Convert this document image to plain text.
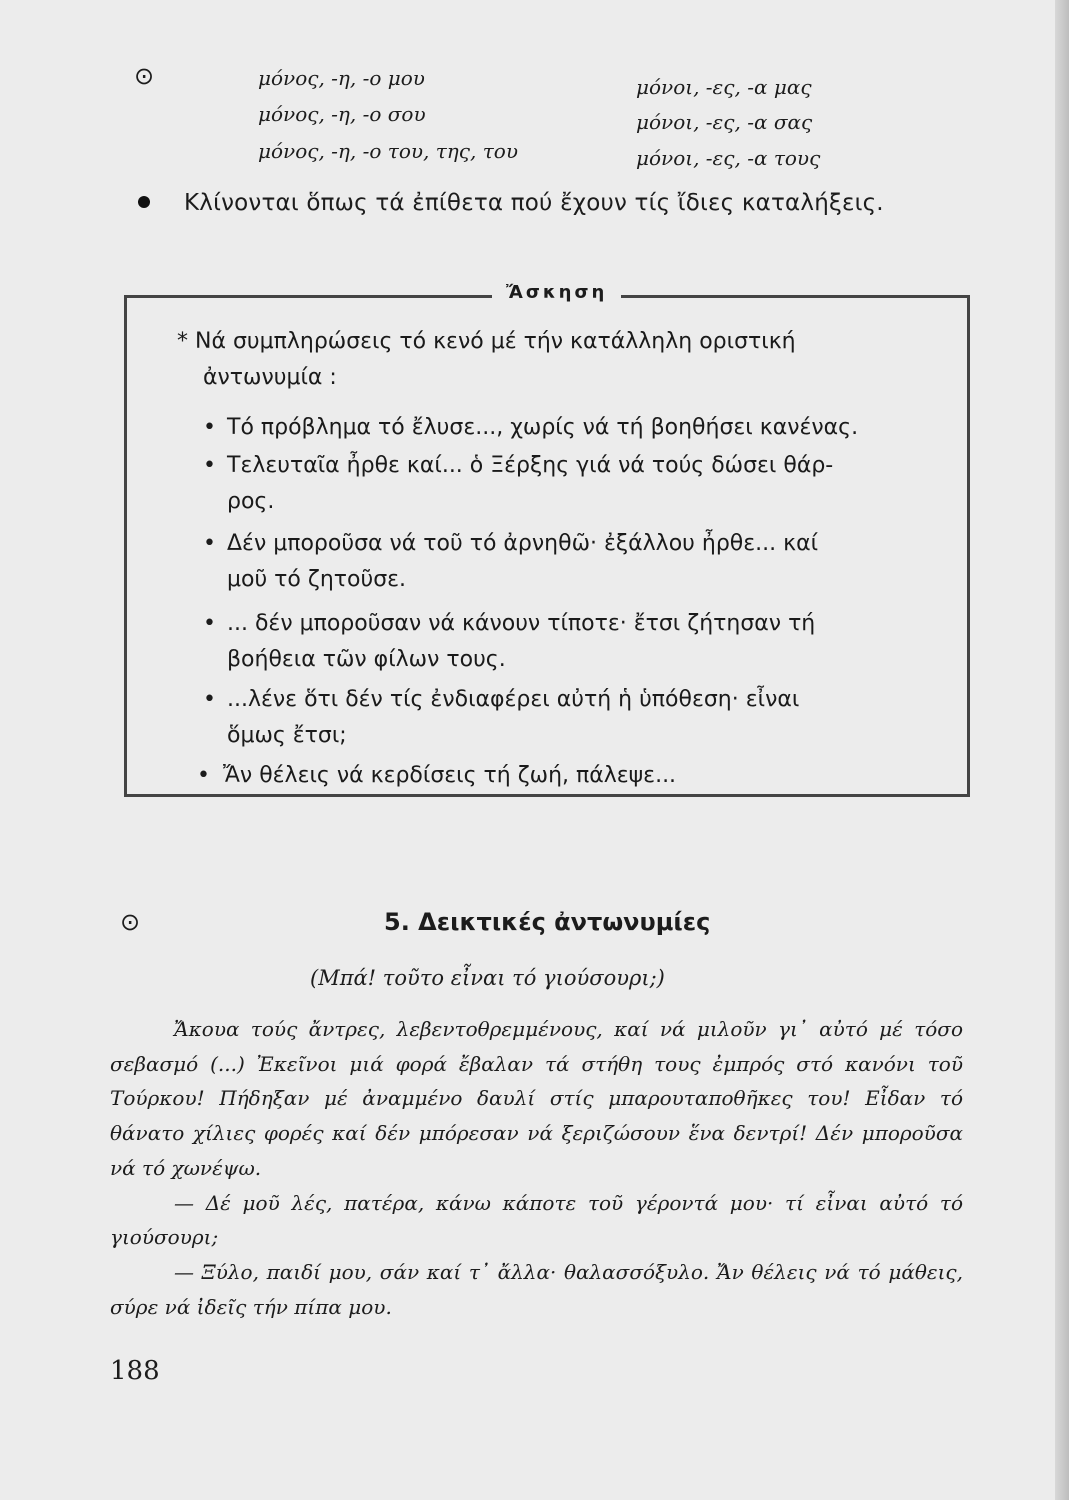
⊙	μόνος, -η, -ο μου	μόνοι, -ες, -α μας
μόνος, -η, -ο σου	μόνοι, -ες, -α σας
μόνος, -η, -ο του, της, του	μόνοι, -ες, -α τους
Κλίνονται ὅπως τά ἐπίθετα πού ἔχουν τίς ἴδιες καταλήξεις.
Ἄσκηση
* Νά συμπληρώσεις τό κενό μέ τήν κατάλληλη οριστική
ἀντωνυμία :
• Τό πρόβλημα τό ἔλυσε..., χωρίς νά τή βοηθήσει κανένας.
• Τελευταῖα ἦρθε καί... ὁ Ξέρξης γιά νά τούς δώσει θάρ-
ρος.
• Δέν μποροῦσα νά τοῦ τό ἀρνηθῶ· ἐξάλλου ἦρθε... καί
μοῦ τό ζητοῦσε.
• ... δέν μποροῦσαν νά κάνουν τίποτε· ἔτσι ζήτησαν τή
βοήθεια τῶν φίλων τους.
• ...λένε ὅτι δέν τίς ἐνδιαφέρει αὐτή ἡ ὑπόθεση· εἶναι
ὅμως ἔτσι;
• Ἄν θέλεις νά κερδίσεις τή ζωή, πάλεψε...
⊙	5. Δεικτικές ἀντωνυμίες
(Μπά! τοῦτο εἶναι τό γιούσουρι;)

Ἄκουα τούς ἄντρες, λεβεντοθρεμμένους, καί νά μιλοῦν γι᾽ αὐτό μέ τόσο σεβασμό (...) Ἐκεῖνοι μιά φορά ἔβαλαν τά στήθη τους ἐμπρός στό κανόνι τοῦ Τούρκου! Πήδηξαν μέ ἀναμμένο δαυλί στίς μπαρουταποθῆκες του! Εἶδαν τό θάνατο χίλιες φορές καί δέν μπόρεσαν νά ξεριζώσουν ἕνα δεντρί! Δέν μποροῦσα νά τό χωνέψω.

— Δέ μοῦ λές, πατέρα, κάνω κάποτε τοῦ γέροντά μου· τί εἶναι αὐτό τό γιούσουρι;

— Ξύλο, παιδί μου, σάν καί τ᾽ ἄλλα· θαλασσόξυλο. Ἄν θέλεις νά τό μάθεις, σύρε νά ἰδεῖς τήν πίπα μου.

188
